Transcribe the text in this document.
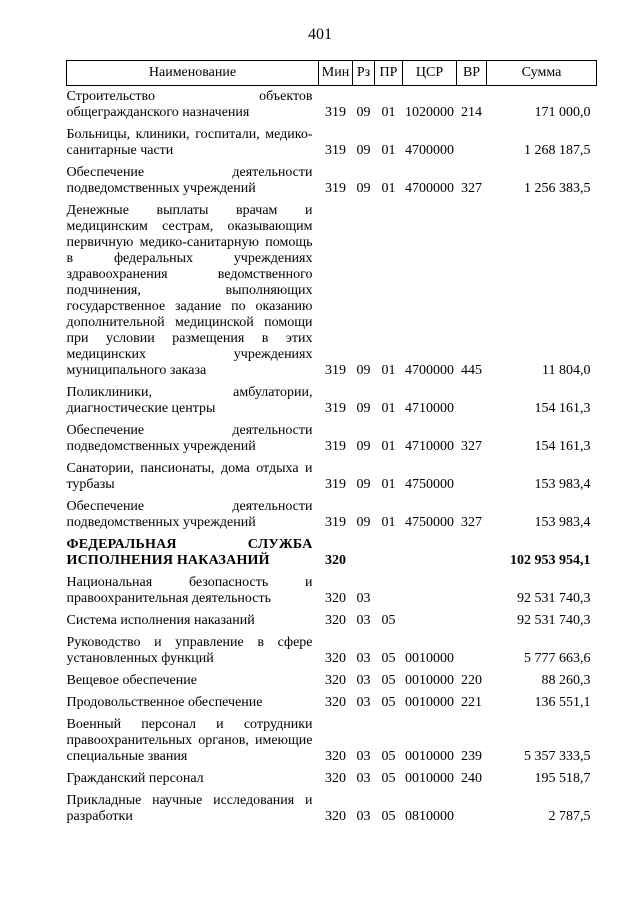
401
Наименование	Мин	Рз	ПР	ЦСР	ВР	Сумма
Строительство объектов общегражданского назначения	319	09	01	1020000	214	171 000,0
Больницы, клиники, госпитали, медико-санитарные части	319	09	01	4700000		1 268 187,5
Обеспечение деятельности подведомственных учреждений	319	09	01	4700000	327	1 256 383,5
Денежные выплаты врачам и медицинским сестрам, оказывающим первичную медико-санитарную помощь в федеральных учреждениях здравоохранения ведомственного подчинения, выполняющих государственное задание по оказанию дополнительной медицинской помощи при условии размещения в этих медицинских учреждениях муниципального заказа	319	09	01	4700000	445	11 804,0
Поликлиники, амбулатории, диагностические центры	319	09	01	4710000		154 161,3
Обеспечение деятельности подведомственных учреждений	319	09	01	4710000	327	154 161,3
Санатории, пансионаты, дома отдыха и турбазы	319	09	01	4750000		153 983,4
Обеспечение деятельности подведомственных учреждений	319	09	01	4750000	327	153 983,4
ФЕДЕРАЛЬНАЯ СЛУЖБА ИСПОЛНЕНИЯ НАКАЗАНИЙ	320					102 953 954,1
Национальная безопасность и правоохранительная деятельность	320	03				92 531 740,3
Система исполнения наказаний	320	03	05			92 531 740,3
Руководство и управление в сфере установленных функций	320	03	05	0010000		5 777 663,6
Вещевое обеспечение	320	03	05	0010000	220	88 260,3
Продовольственное обеспечение	320	03	05	0010000	221	136 551,1
Военный персонал и сотрудники правоохранительных органов, имеющие специальные звания	320	03	05	0010000	239	5 357 333,5
Гражданский персонал	320	03	05	0010000	240	195 518,7
Прикладные научные исследования и разработки	320	03	05	0810000		2 787,5
